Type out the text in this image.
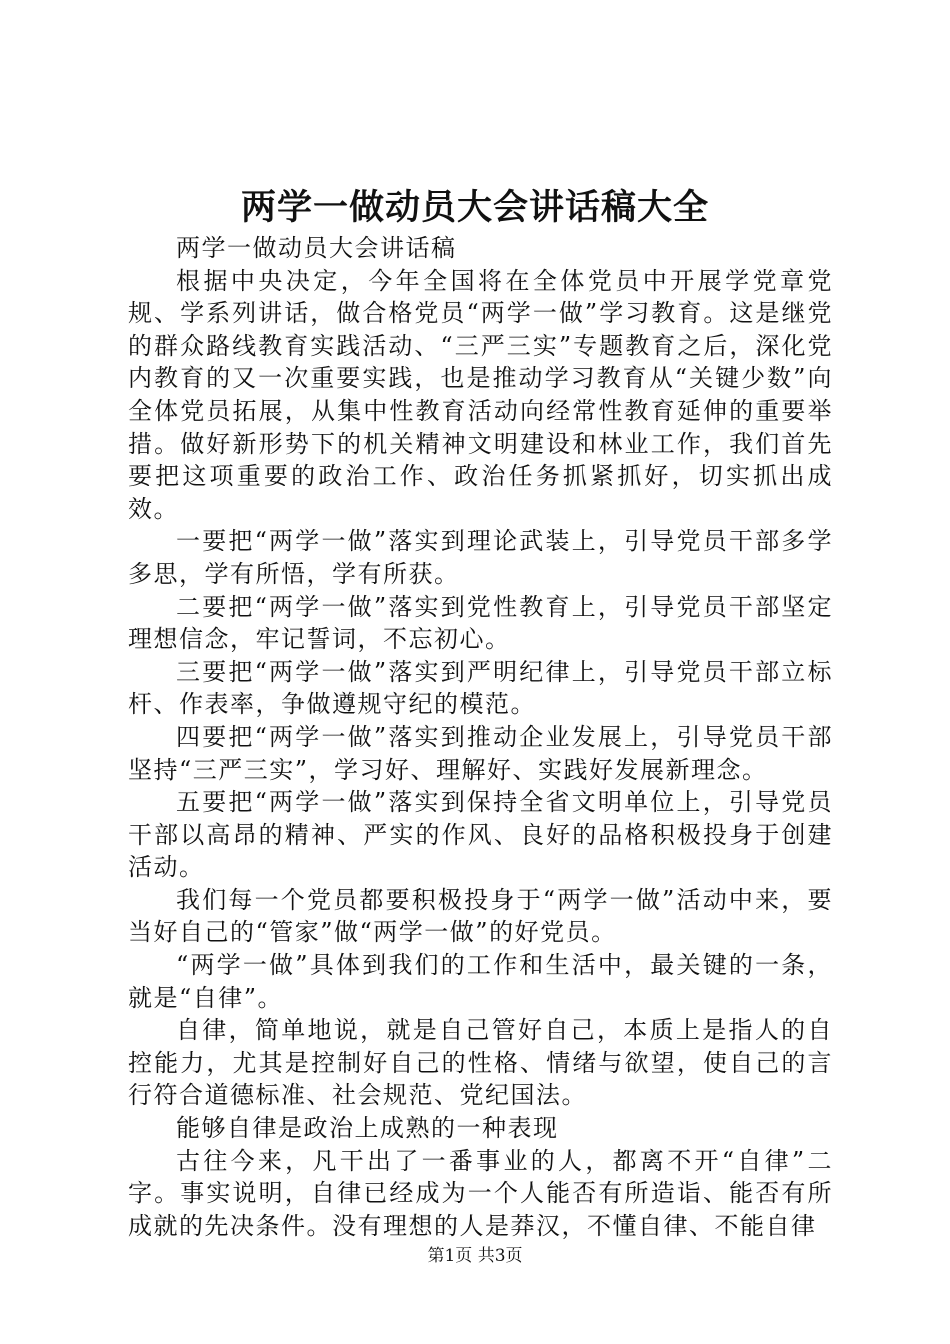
两学一做动员大会讲话稿大全

两学一做动员大会讲话稿

根据中央决定，今年全国将在全体党员中开展学党章党规、学系列讲话，做合格党员“两学一做”学习教育。这是继党的群众路线教育实践活动、“三严三实”专题教育之后，深化党内教育的又一次重要实践，也是推动学习教育从“关键少数”向全体党员拓展，从集中性教育活动向经常性教育延伸的重要举措。做好新形势下的机关精神文明建设和林业工作，我们首先要把这项重要的政治工作、政治任务抓紧抓好，切实抓出成效。

一要把“两学一做”落实到理论武装上，引导党员干部多学多思，学有所悟，学有所获。

二要把“两学一做”落实到党性教育上，引导党员干部坚定理想信念，牢记誓词，不忘初心。

三要把“两学一做”落实到严明纪律上，引导党员干部立标杆、作表率，争做遵规守纪的模范。

四要把“两学一做”落实到推动企业发展上，引导党员干部坚持“三严三实”，学习好、理解好、实践好发展新理念。

五要把“两学一做”落实到保持全省文明单位上，引导党员干部以高昂的精神、严实的作风、良好的品格积极投身于创建活动。

我们每一个党员都要积极投身于“两学一做”活动中来，要当好自己的“管家”做“两学一做”的好党员。

“两学一做”具体到我们的工作和生活中，最关键的一条，就是“自律”。

自律，简单地说，就是自己管好自己，本质上是指人的自控能力，尤其是控制好自己的性格、情绪与欲望，使自己的言行符合道德标准、社会规范、党纪国法。

能够自律是政治上成熟的一种表现

古往今来，凡干出了一番事业的人，都离不开“自律”二字。事实说明，自律已经成为一个人能否有所造诣、能否有所成就的先决条件。没有理想的人是莽汉，不懂自律、不能自律

第1页 共3页
